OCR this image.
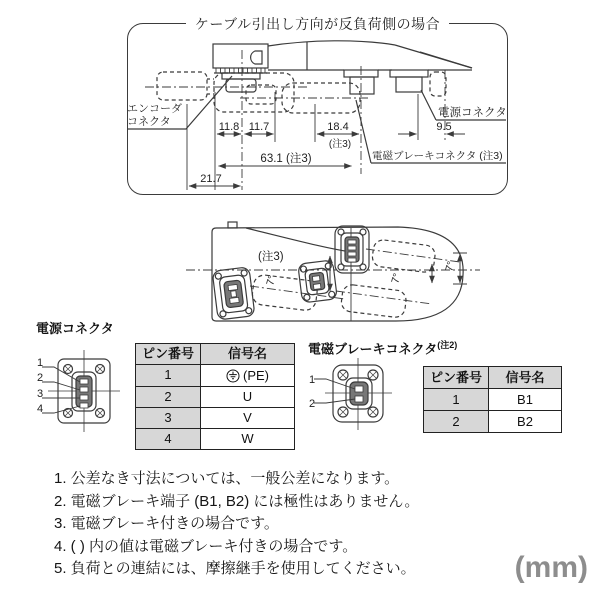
ケーブル引出し方向が反負荷側の場合
エンコーダ
コネクタ
電源コネクタ
電磁ブレーキコネクタ (注3)
11.8 11.7	18.4
(注3)
9.5
63.1 (注3)
21.7
(注3)
7°	7°
7°
1
2
3
4
1
2
電源コネクタ
電磁ブレーキコネクタ$^{(注2)}$
ピン番号	信号名
1	(PE)

2	U
3	V
4	W
ピン番号	信号名
1	B1
2	B2
1. 公差なき寸法については、一般公差になります。
2. 電磁ブレーキ端子 (B1, B2) には極性はありません。
3. 電磁ブレーキ付きの場合です。
4. ( ) 内の値は電磁ブレーキ付きの場合です。
5. 負荷との連結には、摩擦継手を使用してください。	(mm)
